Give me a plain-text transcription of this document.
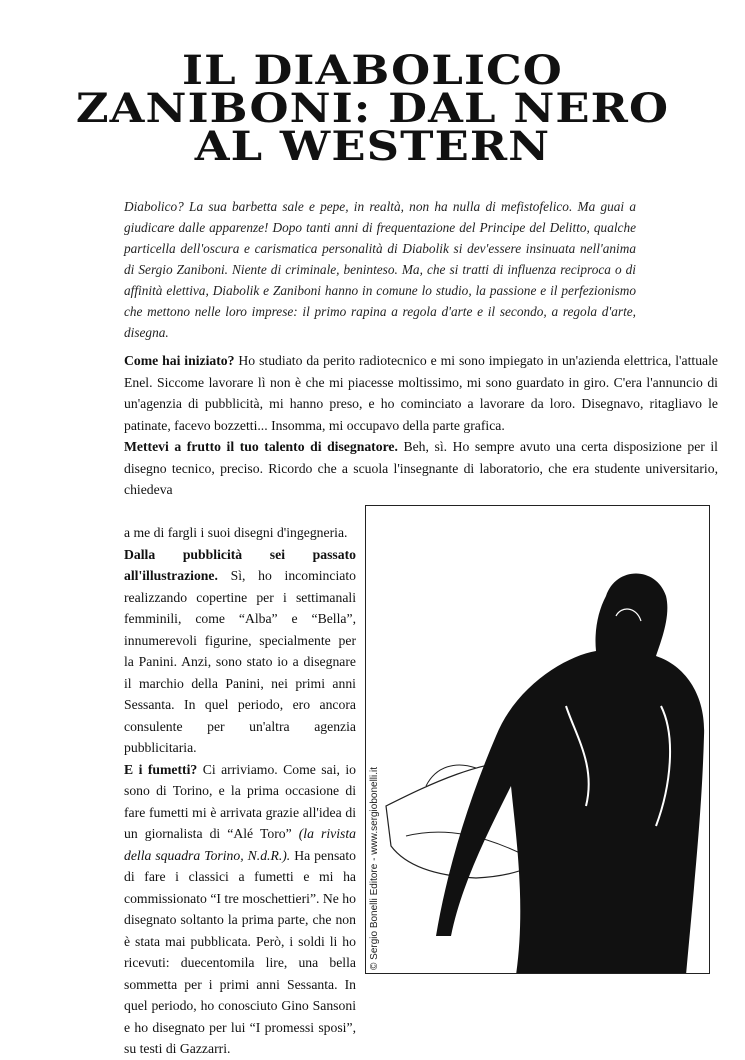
IL DIABOLICO
ZANIBONI: DAL NERO
AL WESTERN
Diabolico? La sua barbetta sale e pepe, in realtà, non ha nulla di mefistofelico. Ma guai a giudicare dalle apparenze! Dopo tanti anni di frequentazione del Principe del Delitto, qualche particella dell'oscura e carismatica personalità di Diabolik si dev'essere insinuata nell'anima di Sergio Zaniboni. Niente di criminale, beninteso. Ma, che si tratti di influenza reciproca o di affinità elettiva, Diabolik e Zaniboni hanno in comune lo studio, la passione e il perfezionismo che mettono nelle loro imprese: il primo rapina a regola d'arte e il secondo, a regola d'arte, disegna.

Come hai iniziato? Ho studiato da perito radiotecnico e mi sono impiegato in un'azienda elettrica, l'attuale Enel. Siccome lavorare lì non è che mi piacesse moltissimo, mi sono guardato in giro. C'era l'annuncio di un'agenzia di pubblicità, mi hanno preso, e ho cominciato a lavorare da loro. Disegnavo, ritagliavo le patinate, facevo bozzetti... Insomma, mi occupavo della parte grafica.

Mettevi a frutto il tuo talento di disegnatore. Beh, sì. Ho sempre avuto una certa disposizione per il disegno tecnico, preciso. Ricordo che a scuola l'insegnante di laboratorio, che era studente universitario, chiedeva

a me di fargli i suoi disegni d'ingegneria.

Dalla pubblicità sei passato all'illustrazione. Sì, ho incominciato realizzando copertine per i settimanali femminili, come “Alba” e “Bella”, innumerevoli figurine, specialmente per la Panini. Anzi, sono stato io a disegnare il marchio della Panini, nei primi anni Sessanta. In quel periodo, ero ancora consulente per un'altra agenzia pubblicitaria.

E i fumetti? Ci arriviamo. Come sai, io sono di Torino, e la prima occasione di fare fumetti mi è arrivata grazie all'idea di un giornalista di “Alé Toro” (la rivista della squadra Torino, N.d.R.). Ha pensato di fare i classici a fumetti e mi ha commissionato “I tre moschettieri”. Ne ho disegnato soltanto la prima parte, che non è stata mai pubblicata. Però, i soldi li ho ricevuti: duecentomila lire, una bella sommetta per i primi anni Sessanta. In quel periodo, ho conosciuto Gino Sansoni e ho disegnato per lui “I promessi sposi”, su testi di Gazzarri.

© Sergio Bonelli Editore - www.sergiobonelli.it
